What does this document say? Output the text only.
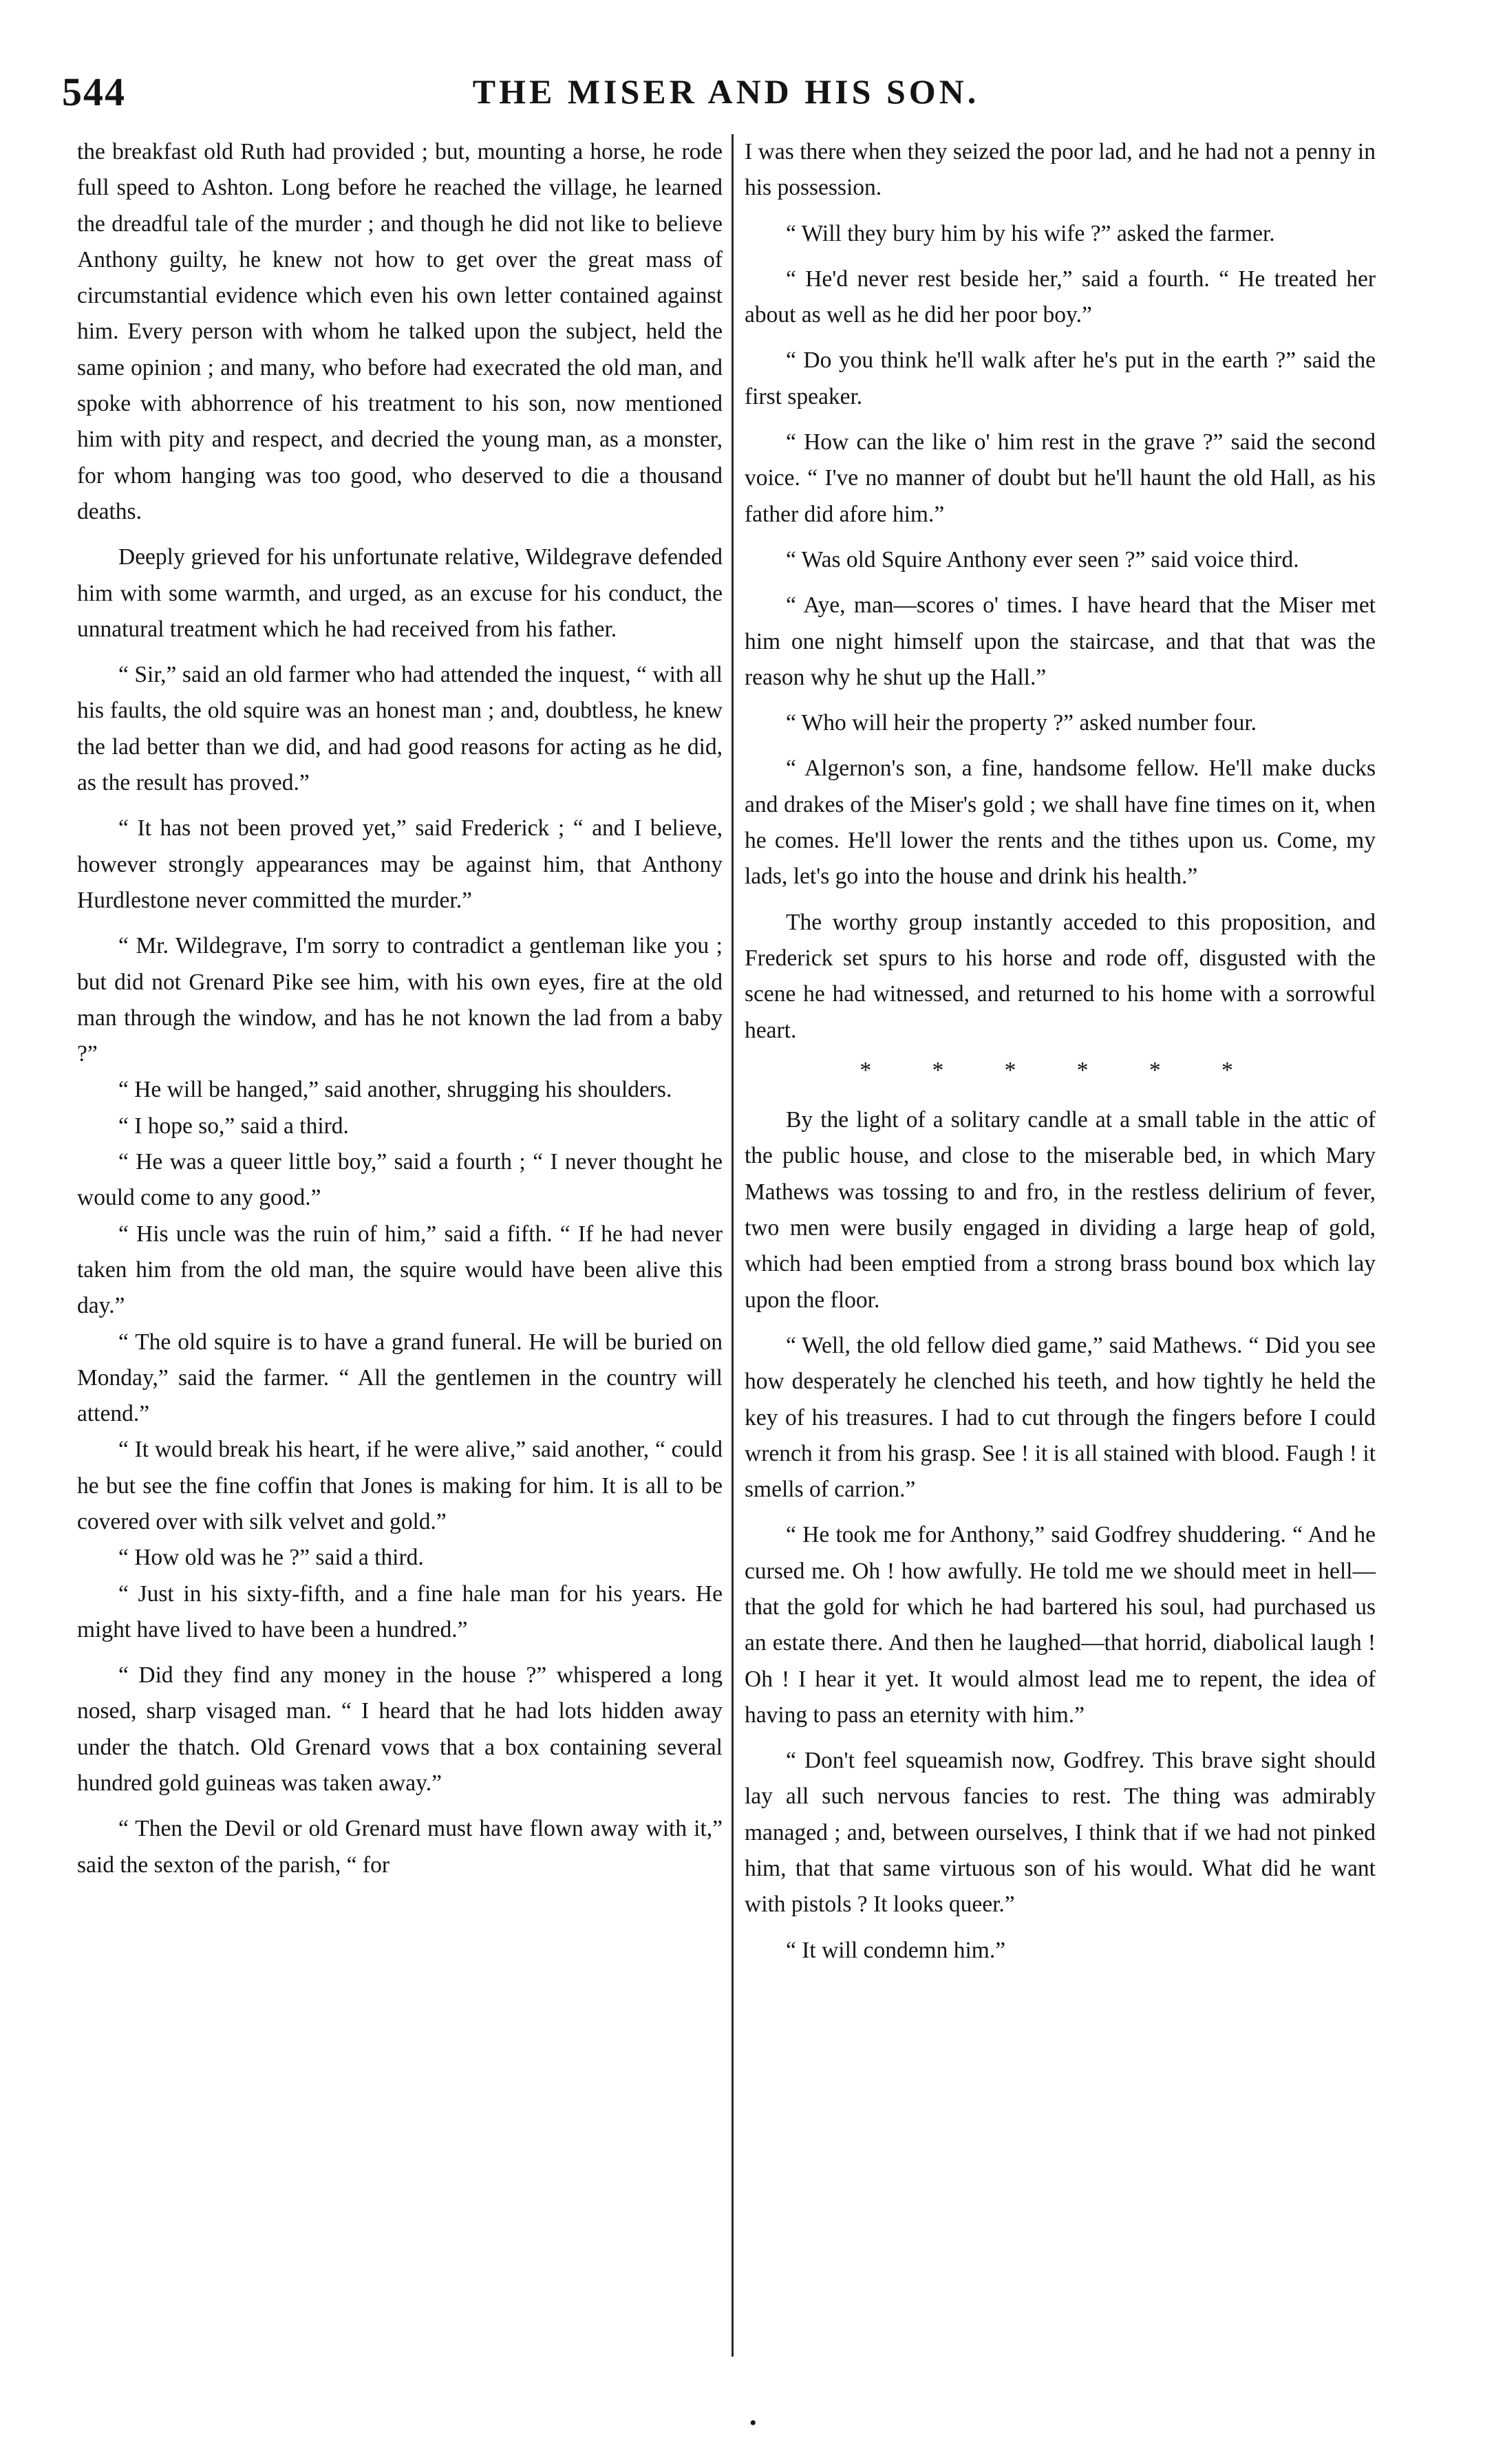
544	THE MISER AND HIS SON.

the breakfast old Ruth had provided ; but, mounting a horse, he rode full speed to Ashton. Long before he reached the village, he learned the dreadful tale of the murder ; and though he did not like to believe Anthony guilty, he knew not how to get over the great mass of circumstantial evidence which even his own letter contained against him. Every person with whom he talked upon the subject, held the same opinion ; and many, who before had execrated the old man, and spoke with abhorrence of his treatment to his son, now mentioned him with pity and respect, and decried the young man, as a monster, for whom hanging was too good, who deserved to die a thousand deaths.

Deeply grieved for his unfortunate relative, Wildegrave defended him with some warmth, and urged, as an excuse for his conduct, the unnatural treatment which he had received from his father.

“ Sir,” said an old farmer who had attended the inquest, “ with all his faults, the old squire was an honest man ; and, doubtless, he knew the lad better than we did, and had good reasons for acting as he did, as the result has proved.”

“ It has not been proved yet,” said Frederick ; “ and I believe, however strongly appearances may be against him, that Anthony Hurdlestone never committed the murder.”

“ Mr. Wildegrave, I'm sorry to contradict a gentleman like you ; but did not Grenard Pike see him, with his own eyes, fire at the old man through the window, and has he not known the lad from a baby ?”

“ He will be hanged,” said another, shrugging his shoulders.

“ I hope so,” said a third.

“ He was a queer little boy,” said a fourth ; “ I never thought he would come to any good.”

“ His uncle was the ruin of him,” said a fifth. “ If he had never taken him from the old man, the squire would have been alive this day.”

“ The old squire is to have a grand funeral. He will be buried on Monday,” said the farmer. “ All the gentlemen in the country will attend.”

“ It would break his heart, if he were alive,” said another, “ could he but see the fine coffin that Jones is making for him. It is all to be covered over with silk velvet and gold.”

“ How old was he ?” said a third.

“ Just in his sixty-fifth, and a fine hale man for his years. He might have lived to have been a hundred.”

“ Did they find any money in the house ?” whispered a long nosed, sharp visaged man. “ I heard that he had lots hidden away under the thatch. Old Grenard vows that a box containing several hundred gold guineas was taken away.”

“ Then the Devil or old Grenard must have flown away with it,” said the sexton of the parish, “ for

I was there when they seized the poor lad, and he had not a penny in his possession.

“ Will they bury him by his wife ?” asked the farmer.

“ He'd never rest beside her,” said a fourth. “ He treated her about as well as he did her poor boy.”

“ Do you think he'll walk after he's put in the earth ?” said the first speaker.

“ How can the like o' him rest in the grave ?” said the second voice. “ I've no manner of doubt but he'll haunt the old Hall, as his father did afore him.”

“ Was old Squire Anthony ever seen ?” said voice third.

“ Aye, man—scores o' times. I have heard that the Miser met him one night himself upon the staircase, and that that was the reason why he shut up the Hall.”

“ Who will heir the property ?” asked number four.

“ Algernon's son, a fine, handsome fellow. He'll make ducks and drakes of the Miser's gold ; we shall have fine times on it, when he comes. He'll lower the rents and the tithes upon us. Come, my lads, let's go into the house and drink his health.”

The worthy group instantly acceded to this proposition, and Frederick set spurs to his horse and rode off, disgusted with the scene he had witnessed, and returned to his home with a sorrowful heart.

* * * * * *

By the light of a solitary candle at a small table in the attic of the public house, and close to the miserable bed, in which Mary Mathews was tossing to and fro, in the restless delirium of fever, two men were busily engaged in dividing a large heap of gold, which had been emptied from a strong brass bound box which lay upon the floor.

“ Well, the old fellow died game,” said Mathews. “ Did you see how desperately he clenched his teeth, and how tightly he held the key of his treasures. I had to cut through the fingers before I could wrench it from his grasp. See ! it is all stained with blood. Faugh ! it smells of carrion.”

“ He took me for Anthony,” said Godfrey shuddering. “ And he cursed me. Oh ! how awfully. He told me we should meet in hell—that the gold for which he had bartered his soul, had purchased us an estate there. And then he laughed—that horrid, diabolical laugh ! Oh ! I hear it yet. It would almost lead me to repent, the idea of having to pass an eternity with him.”

“ Don't feel squeamish now, Godfrey. This brave sight should lay all such nervous fancies to rest. The thing was admirably managed ; and, between ourselves, I think that if we had not pinked him, that that same virtuous son of his would. What did he want with pistols ? It looks queer.”

“ It will condemn him.”

•
